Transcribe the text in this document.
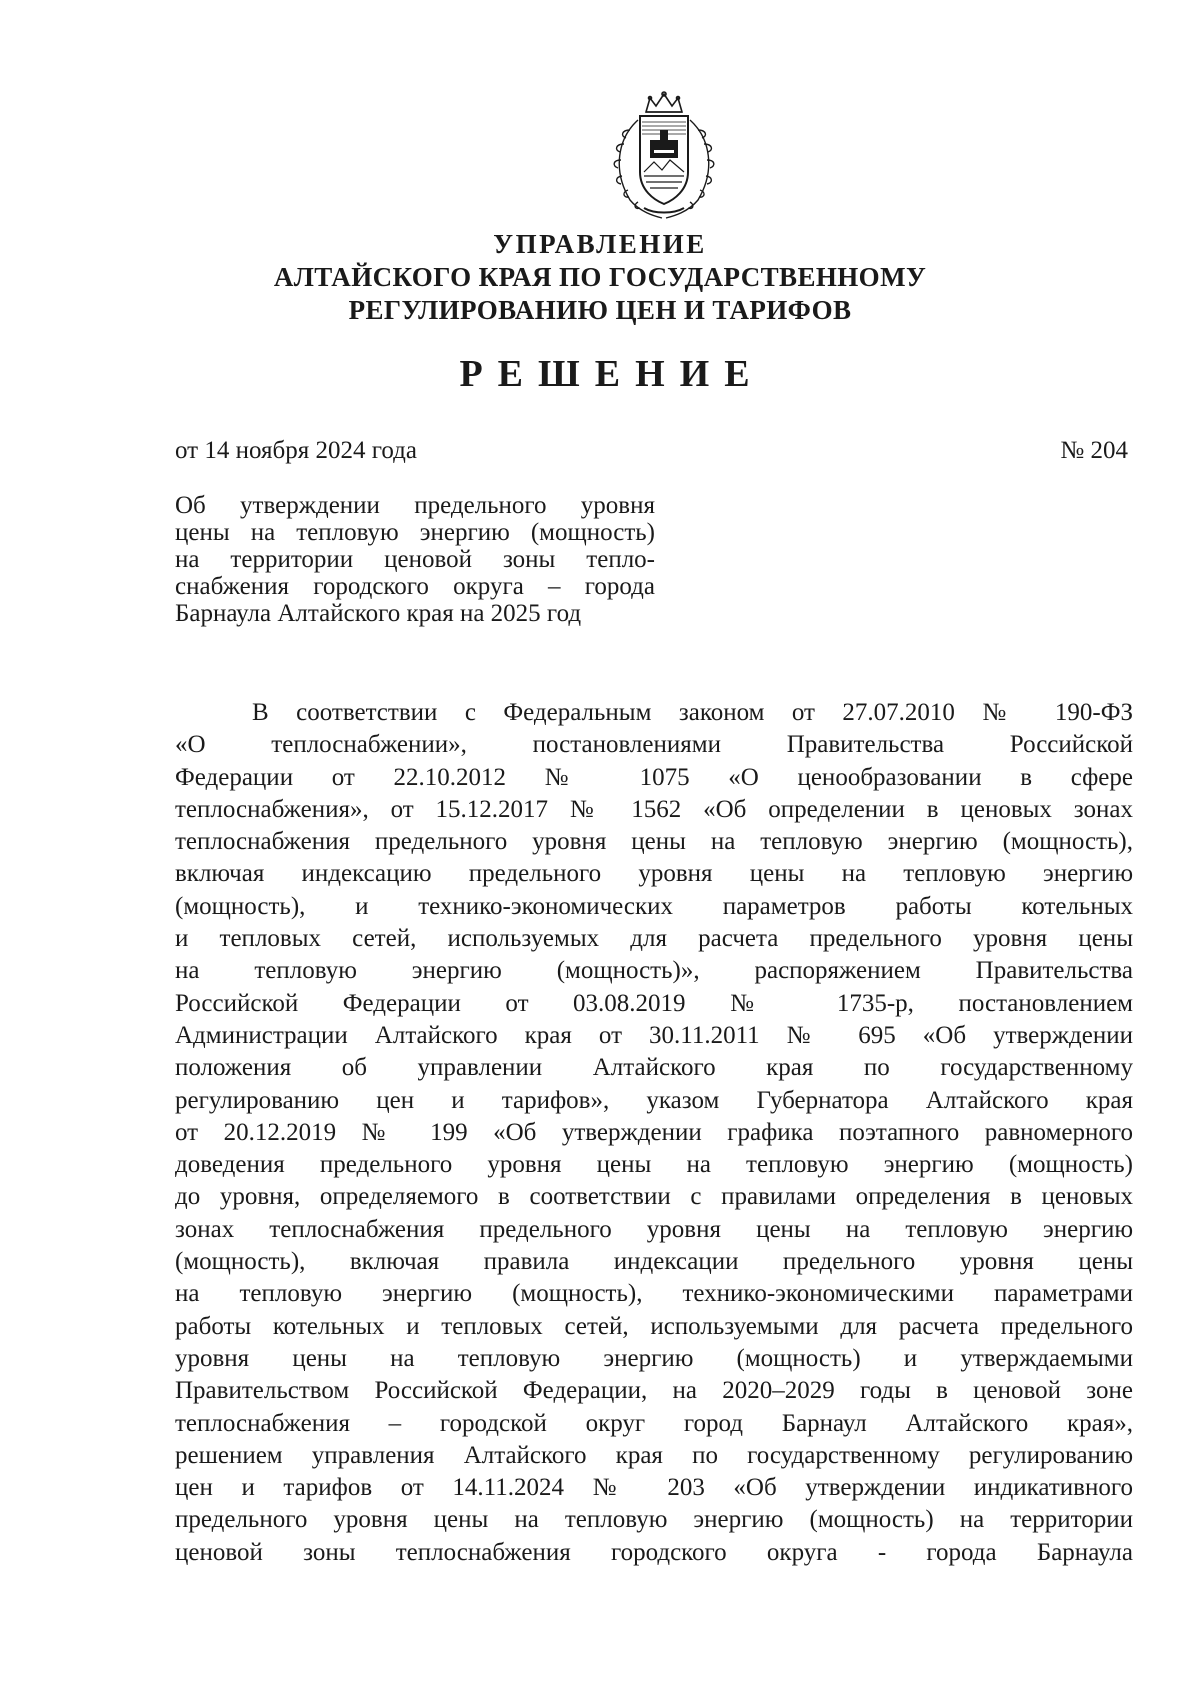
УПРАВЛЕНИЕ
АЛТАЙСКОГО КРАЯ ПО ГОСУДАРСТВЕННОМУ
РЕГУЛИРОВАНИЮ ЦЕН И ТАРИФОВ
РЕШЕНИЕ
от 14 ноября 2024 года	№ 204
Об утверждении предельного уровня
цены на тепловую энергию (мощность)
на территории ценовой зоны тепло-
снабжения городского округа – города
Барнаула Алтайского края на 2025 год
В соответствии с Федеральным законом от 27.07.2010 № 190-ФЗ
«О теплоснабжении», постановлениями Правительства Российской
Федерации от 22.10.2012 № 1075 «О ценообразовании в сфере
теплоснабжения», от 15.12.2017 № 1562 «Об определении в ценовых зонах
теплоснабжения предельного уровня цены на тепловую энергию (мощность),
включая индексацию предельного уровня цены на тепловую энергию
(мощность), и технико-экономических параметров работы котельных
и тепловых сетей, используемых для расчета предельного уровня цены
на тепловую энергию (мощность)», распоряжением Правительства
Российской Федерации от 03.08.2019 № 1735-р, постановлением
Администрации Алтайского края от 30.11.2011 № 695 «Об утверждении
положения об управлении Алтайского края по государственному
регулированию цен и тарифов», указом Губернатора Алтайского края
от 20.12.2019 № 199 «Об утверждении графика поэтапного равномерного
доведения предельного уровня цены на тепловую энергию (мощность)
до уровня, определяемого в соответствии с правилами определения в ценовых
зонах теплоснабжения предельного уровня цены на тепловую энергию
(мощность), включая правила индексации предельного уровня цены
на тепловую энергию (мощность), технико-экономическими параметрами
работы котельных и тепловых сетей, используемыми для расчета предельного
уровня цены на тепловую энергию (мощность) и утверждаемыми
Правительством Российской Федерации, на 2020–2029 годы в ценовой зоне
теплоснабжения – городской округ город Барнаул Алтайского края»,
решением управления Алтайского края по государственному регулированию
цен и тарифов от 14.11.2024 № 203 «Об утверждении индикативного
предельного уровня цены на тепловую энергию (мощность) на территории
ценовой зоны теплоснабжения городского округа - города Барнаула
